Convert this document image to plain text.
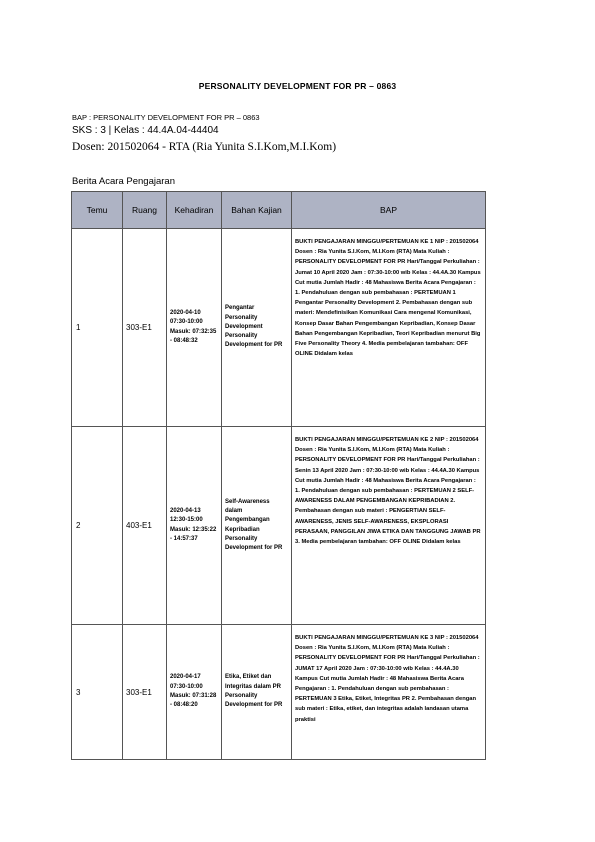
PERSONALITY DEVELOPMENT FOR PR – 0863
BAP : PERSONALITY DEVELOPMENT FOR PR – 0863
SKS : 3 | Kelas : 44.4A.04-44404
Dosen: 201502064 - RTA (Ria Yunita S.I.Kom,M.I.Kom)
Berita Acara Pengajaran
Temu	Ruang	Kehadiran	Bahan Kajian	BAP
1	303-E1	2020-04-10 07:30-10:00 Masuk: 07:32:35 - 08:48:32	Pengantar Personality Development Personality Development for PR	BUKTI PENGAJARAN MINGGU/PERTEMUAN KE 1 NIP : 201502064 Dosen : Ria Yunita S.I.Kom, M.I.Kom (RTA) Mata Kuliah : PERSONALITY DEVELOPMENT FOR PR Hari/Tanggal Perkuliahan : Jumat 10 April 2020 Jam : 07:30-10:00 wib Kelas : 44.4A.30 Kampus Cut mutia Jumlah Hadir : 48 Mahasiswa Berita Acara Pengajaran : 1. Pendahuluan dengan sub pembahasan : PERTEMUAN 1 Pengantar Personality Development 2. Pembahasan dengan sub materi: Mendefinisikan Komunikasi Cara mengenal Komunikasi, Konsep Dasar Bahan Pengembangan Kepribadian, Konsep Dasar Bahan Pengembangan Kepribadian, Teori Kepribadian menurut Big Five Personality Theory 4. Media pembelajaran tambahan: OFF OLINE Didalam kelas
2	403-E1	2020-04-13 12:30-15:00 Masuk: 12:35:22 - 14:57:37	Self-Awareness dalam Pengembangan Kepribadian Personality Development for PR	BUKTI PENGAJARAN MINGGU/PERTEMUAN KE 2 NIP : 201502064 Dosen : Ria Yunita S.I.Kom, M.I.Kom (RTA) Mata Kuliah : PERSONALITY DEVELOPMENT FOR PR Hari/Tanggal Perkuliahan : Senin 13 April 2020 Jam : 07:30-10:00 wib Kelas : 44.4A.30 Kampus Cut mutia Jumlah Hadir : 48 Mahasiswa Berita Acara Pengajaran : 1. Pendahuluan dengan sub pembahasan : PERTEMUAN 2 SELF-AWARENESS DALAM PENGEMBANGAN KEPRIBADIAN 2. Pembahasan dengan sub materi : PENGERTIAN SELF-AWARENESS, JENIS SELF-AWARENESS, EKSPLORASI PERASAAN, PANGGILAN JIWA ETIKA DAN TANGGUNG JAWAB PR 3. Media pembelajaran tambahan: OFF OLINE Didalam kelas
3	303-E1	2020-04-17 07:30-10:00 Masuk: 07:31:28 - 08:48:20	Etika, Etiket dan Integritas dalam PR Personality Development for PR	BUKTI PENGAJARAN MINGGU/PERTEMUAN KE 3 NIP : 201502064 Dosen : Ria Yunita S.I.Kom, M.I.Kom (RTA) Mata Kuliah : PERSONALITY DEVELOPMENT FOR PR Hari/Tanggal Perkuliahan : JUMAT 17 April 2020 Jam : 07:30-10:00 wib Kelas : 44.4A.30 Kampus Cut mutia Jumlah Hadir : 48 Mahasiswa Berita Acara Pengajaran : 1. Pendahuluan dengan sub pembahasan : PERTEMUAN 3 Etika, Etiket, Integritas PR 2. Pembahasan dengan sub materi : Etika, etiket, dan integritas adalah landasan utama praktisi
